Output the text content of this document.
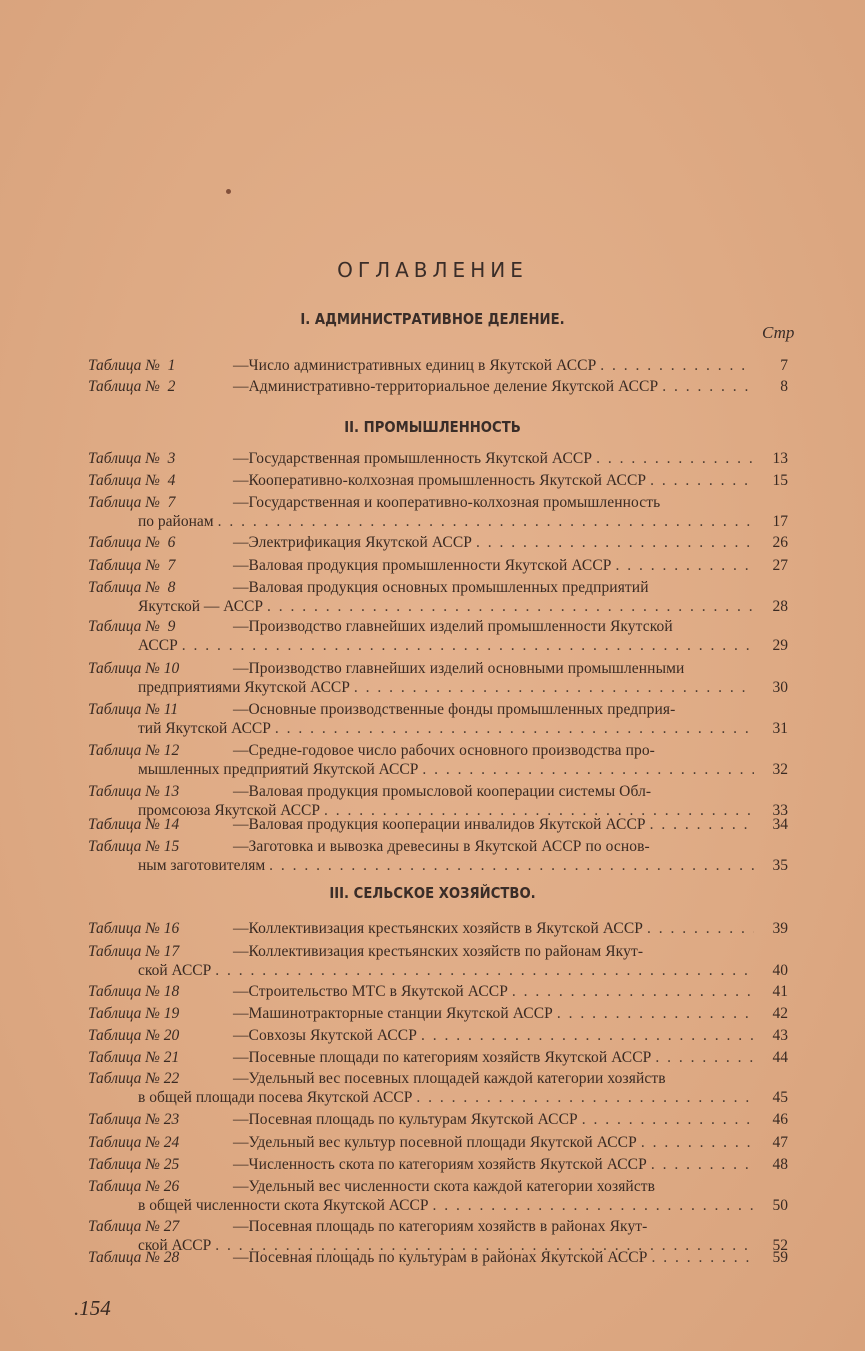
ОГЛАВЛЕНИЕ
Стр
I. АДМИНИСТРАТИВНОЕ ДЕЛЕНИЕ.
Таблица №  1	— Число административных единиц в Якутской АССР . . .	7
Таблица №  2	— Административно-территориальное деление Якутской АССР . . .	8
II. ПРОМЫШЛЕННОСТЬ
Таблица №  3	— Государственная промышленность Якутской АССР . . .	13
Таблица №  4	— Кооперативно-колхозная промышленность Якутской АССР . . .	15
Таблица №  7	— Государственная и кооперативно-колхозная промышленность
по районам . . .	17
Таблица №  6	— Электрификация Якутской АССР . . .	26
Таблица №  7	— Валовая продукция промышленности Якутской АССР . . .	27
Таблица №  8	— Валовая продукция основных промышленных предприятий
Якутской — АССР . . .	28
Таблица №  9	— Производство главнейших изделий промышленности Якутской
АССР . . .	29
Таблица № 10	— Производство главнейших изделий основными промышленными
предприятиями Якутской АССР . . .	30
Таблица № 11	— Основные производственные фонды промышленных предприя-
тий Якутской АССР . . .	31
Таблица № 12	— Средне-годовое число рабочих основного производства про-
мышленных предприятий Якутской АССР . . .	32
Таблица № 13	— Валовая продукция промысловой кооперации системы Обл-
промсоюза Якутской АССР . . .	33
Таблица № 14	— Валовая продукция кооперации инвалидов Якутской АССР . . .	34
Таблица № 15	— Заготовка и вывозка древесины в Якутской АССР по основ-
ным заготовителям . . .	35
III. СЕЛЬСКОЕ ХОЗЯЙСТВО.
Таблица № 16	— Коллективизация крестьянских хозяйств в Якутской АССР . . .	39
Таблица № 17	— Коллективизация крестьянских хозяйств по районам Якут-
ской АССР . . .	40
Таблица № 18	— Строительство МТС в Якутской АССР . . .	41
Таблица № 19	— Машинотракторные станции Якутской АССР . . .	42
Таблица № 20	— Совхозы Якутской АССР . . .	43
Таблица № 21	— Посевные площади по категориям хозяйств Якутской АССР . . .	44
Таблица № 22	— Удельный вес посевных площадей каждой категории хозяйств
в общей площади посева Якутской АССР . . .	45
Таблица № 23	— Посевная площадь по культурам Якутской АССР . . .	46
Таблица № 24	— Удельный вес культур посевной площади Якутской АССР . . .	47
Таблица № 25	— Численность скота по категориям хозяйств Якутской АССР . . .	48
Таблица № 26	— Удельный вес численности скота каждой категории хозяйств
в общей численности скота Якутской АССР . . .	50
Таблица № 27	— Посевная площадь по категориям хозяйств в районах Якут-
ской АССР . . .	52
Таблица № 28	— Посевная площадь по культурам в районах Якутской АССР . . .	59
.154
